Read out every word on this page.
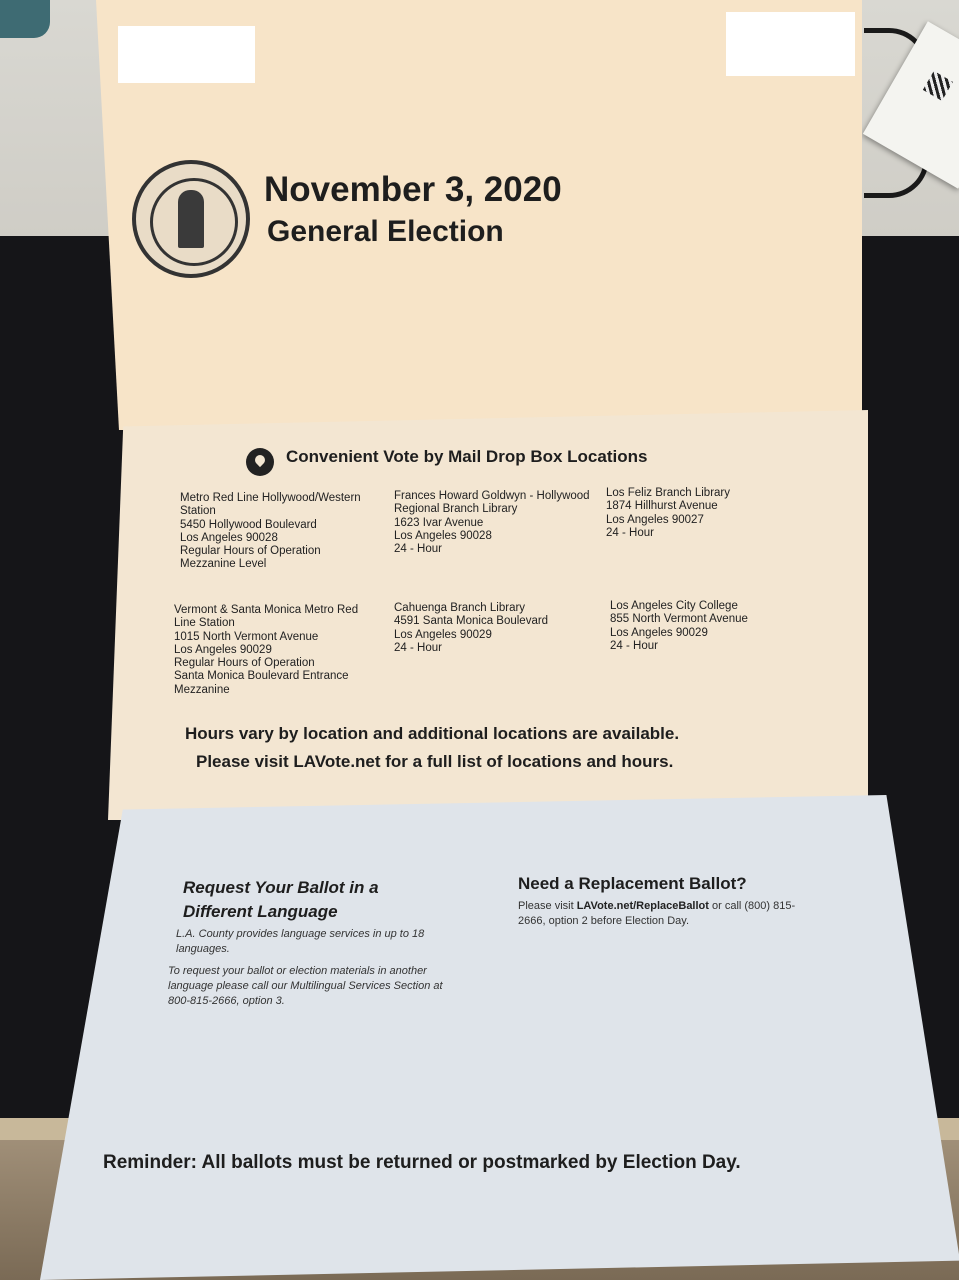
November 3, 2020
General Election
Convenient Vote by Mail Drop Box Locations
Metro Red Line Hollywood/Western
Station
5450 Hollywood Boulevard
Los Angeles 90028
Regular Hours of Operation
Mezzanine Level
Frances Howard Goldwyn - Hollywood
Regional Branch Library
1623 Ivar Avenue
Los Angeles 90028
24 - Hour
Los Feliz Branch Library
1874 Hillhurst Avenue
Los Angeles 90027
24 - Hour
Vermont & Santa Monica Metro Red
Line Station
1015 North Vermont Avenue
Los Angeles 90029
Regular Hours of Operation
Santa Monica Boulevard Entrance
Mezzanine
Cahuenga Branch Library
4591 Santa Monica Boulevard
Los Angeles 90029
24 - Hour
Los Angeles City College
855 North Vermont Avenue
Los Angeles 90029
24 - Hour
Hours vary by location and additional locations are available.
Please visit LAVote.net for a full list of locations and hours.
Request Your Ballot in a
Different Language
L.A. County provides language services in up to 18 languages.
To request your ballot or election materials in another language please call our Multilingual Services Section at 800-815-2666, option 3.
Need a Replacement Ballot?
Please visit LAVote.net/ReplaceBallot or call (800) 815-2666, option 2 before Election Day.
Reminder: All ballots must be returned or postmarked by Election Day.
